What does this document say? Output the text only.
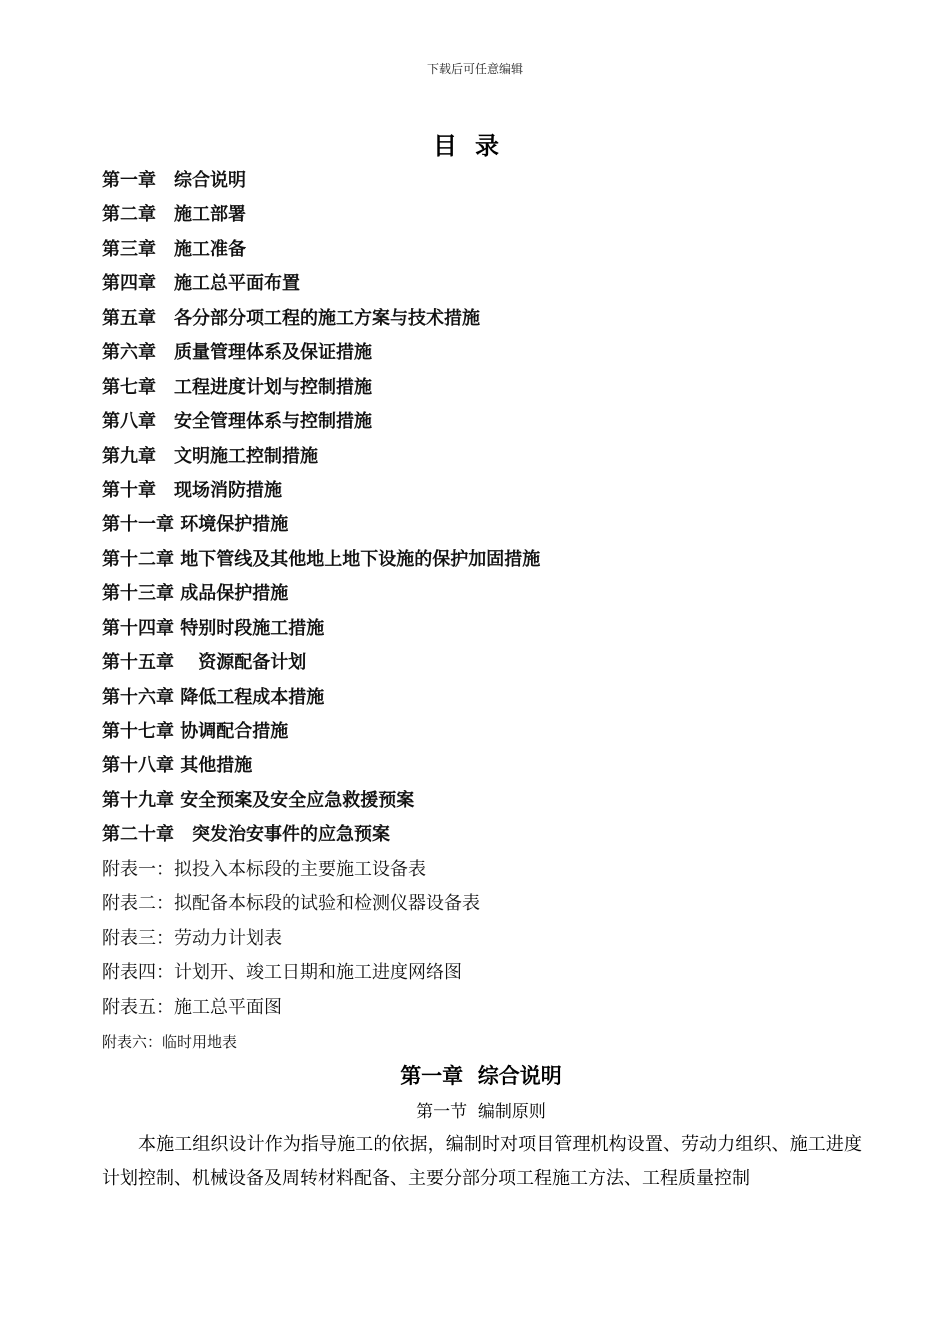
下载后可任意编辑
目录
第一章　综合说明
第二章　施工部署
第三章　施工准备
第四章　施工总平面布置
第五章　各分部分项工程的施工方案与技术措施
第六章　质量管理体系及保证措施
第七章　工程进度计划与控制措施
第八章　安全管理体系与控制措施
第九章　文明施工控制措施
第十章　现场消防措施
第十一章 环境保护措施
第十二章 地下管线及其他地上地下设施的保护加固措施
第十三章 成品保护措施
第十四章 特别时段施工措施
第十五章　 资源配备计划
第十六章 降低工程成本措施
第十七章 协调配合措施
第十八章 其他措施
第十九章 安全预案及安全应急救援预案
第二十章　突发治安事件的应急预案
附表一：拟投入本标段的主要施工设备表
附表二：拟配备本标段的试验和检测仪器设备表
附表三：劳动力计划表
附表四：计划开、竣工日期和施工进度网络图
附表五：施工总平面图
附表六：临时用地表
第一章  综合说明
第一节  编制原则
本施工组织设计作为指导施工的依据，编制时对项目管理机构设置、劳动力组织、施工进度计划控制、机械设备及周转材料配备、主要分部分项工程施工方法、工程质量控制
